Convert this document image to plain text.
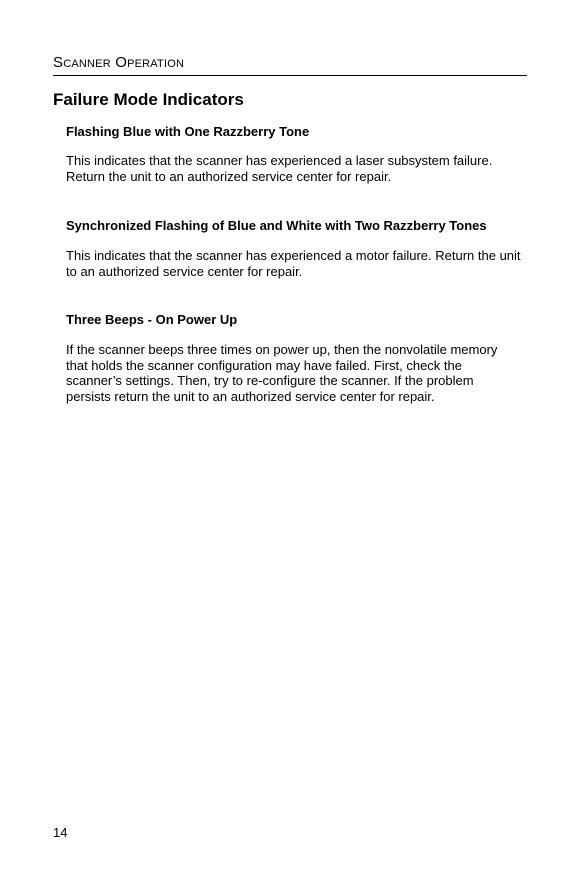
Scanner Operation
Failure Mode Indicators
Flashing Blue with One Razzberry Tone
This indicates that the scanner has experienced a laser subsystem failure. Return the unit to an authorized service center for repair.
Synchronized Flashing of Blue and White with Two Razzberry Tones
This indicates that the scanner has experienced a motor failure. Return the unit to an authorized service center for repair.
Three Beeps - On Power Up
If the scanner beeps three times on power up, then the nonvolatile memory that holds the scanner configuration may have failed. First, check the scanner’s settings. Then, try to re-configure the scanner. If the problem persists return the unit to an authorized service center for repair.
14
